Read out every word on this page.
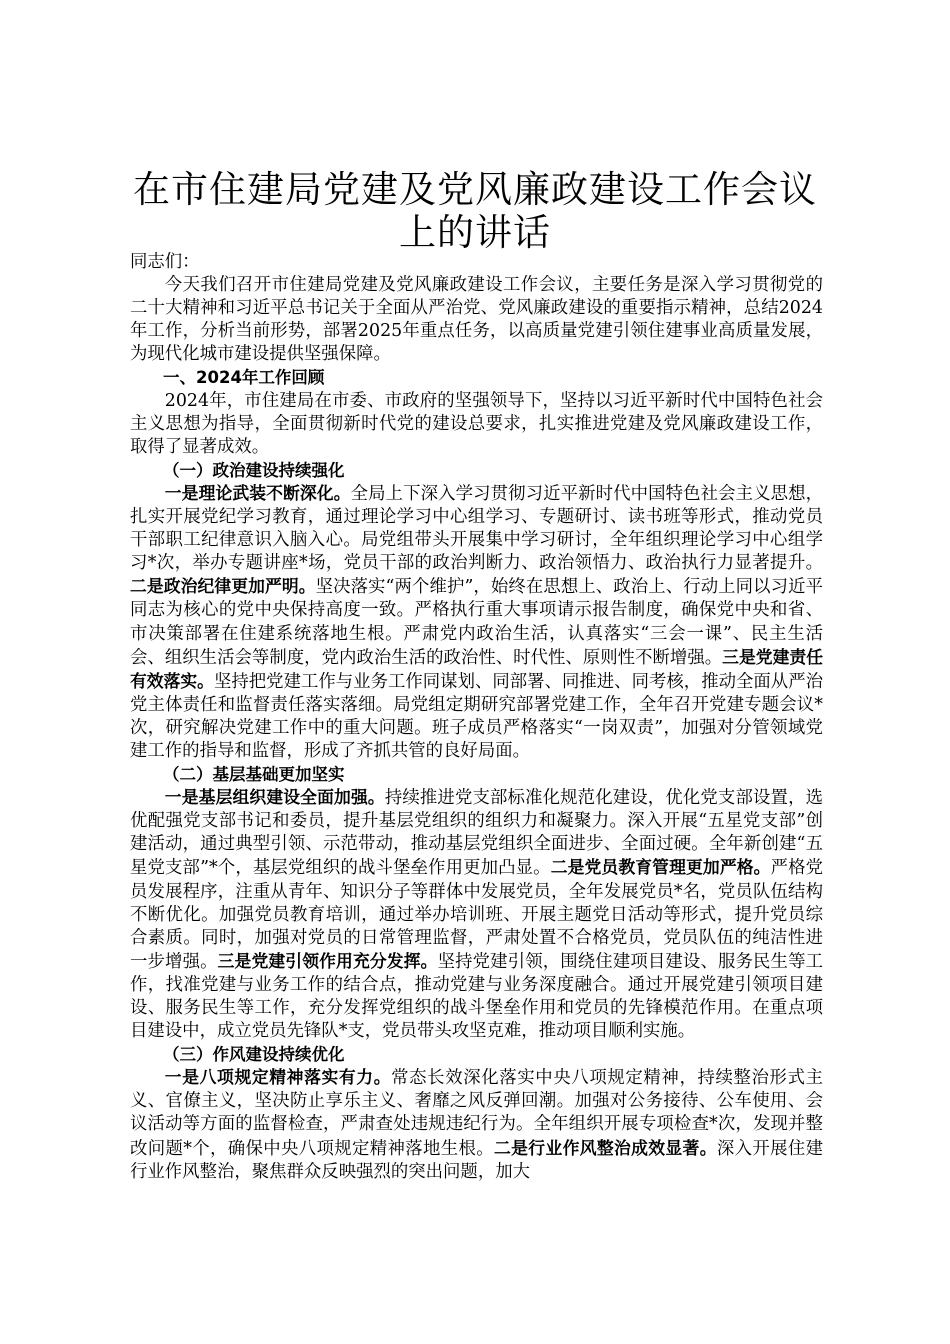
在市住建局党建及党风廉政建设工作会议上的讲话

同志们：

今天我们召开市住建局党建及党风廉政建设工作会议，主要任务是深入学习贯彻党的二十大精神和习近平总书记关于全面从严治党、党风廉政建设的重要指示精神，总结2024年工作，分析当前形势，部署2025年重点任务，以高质量党建引领住建事业高质量发展，为现代化城市建设提供坚强保障。

一、2024年工作回顾

2024年，市住建局在市委、市政府的坚强领导下，坚持以习近平新时代中国特色社会主义思想为指导，全面贯彻新时代党的建设总要求，扎实推进党建及党风廉政建设工作，取得了显著成效。

（一）政治建设持续强化

一是理论武装不断深化。全局上下深入学习贯彻习近平新时代中国特色社会主义思想，扎实开展党纪学习教育，通过理论学习中心组学习、专题研讨、读书班等形式，推动党员干部职工纪律意识入脑入心。局党组带头开展集中学习研讨，全年组织理论学习中心组学习*次，举办专题讲座*场，党员干部的政治判断力、政治领悟力、政治执行力显著提升。二是政治纪律更加严明。坚决落实“两个维护”，始终在思想上、政治上、行动上同以习近平同志为核心的党中央保持高度一致。严格执行重大事项请示报告制度，确保党中央和省、市决策部署在住建系统落地生根。严肃党内政治生活，认真落实“三会一课”、民主生活会、组织生活会等制度，党内政治生活的政治性、时代性、原则性不断增强。三是党建责任有效落实。坚持把党建工作与业务工作同谋划、同部署、同推进、同考核，推动全面从严治党主体责任和监督责任落实落细。局党组定期研究部署党建工作，全年召开党建专题会议*次，研究解决党建工作中的重大问题。班子成员严格落实“一岗双责”，加强对分管领域党建工作的指导和监督，形成了齐抓共管的良好局面。

（二）基层基础更加坚实

一是基层组织建设全面加强。持续推进党支部标准化规范化建设，优化党支部设置，选优配强党支部书记和委员，提升基层党组织的组织力和凝聚力。深入开展“五星党支部”创建活动，通过典型引领、示范带动，推动基层党组织全面进步、全面过硬。全年新创建“五星党支部”*个，基层党组织的战斗堡垒作用更加凸显。二是党员教育管理更加严格。严格党员发展程序，注重从青年、知识分子等群体中发展党员，全年发展党员*名，党员队伍结构不断优化。加强党员教育培训，通过举办培训班、开展主题党日活动等形式，提升党员综合素质。同时，加强对党员的日常管理监督，严肃处置不合格党员，党员队伍的纯洁性进一步增强。三是党建引领作用充分发挥。坚持党建引领，围绕住建项目建设、服务民生等工作，找准党建与业务工作的结合点，推动党建与业务深度融合。通过开展党建引领项目建设、服务民生等工作，充分发挥党组织的战斗堡垒作用和党员的先锋模范作用。在重点项目建设中，成立党员先锋队*支，党员带头攻坚克难，推动项目顺利实施。

（三）作风建设持续优化

一是八项规定精神落实有力。常态长效深化落实中央八项规定精神，持续整治形式主义、官僚主义，坚决防止享乐主义、奢靡之风反弹回潮。加强对公务接待、公车使用、会议活动等方面的监督检查，严肃查处违规违纪行为。全年组织开展专项检查*次，发现并整改问题*个，确保中央八项规定精神落地生根。二是行业作风整治成效显著。深入开展住建行业作风整治，聚焦群众反映强烈的突出问题，加大
